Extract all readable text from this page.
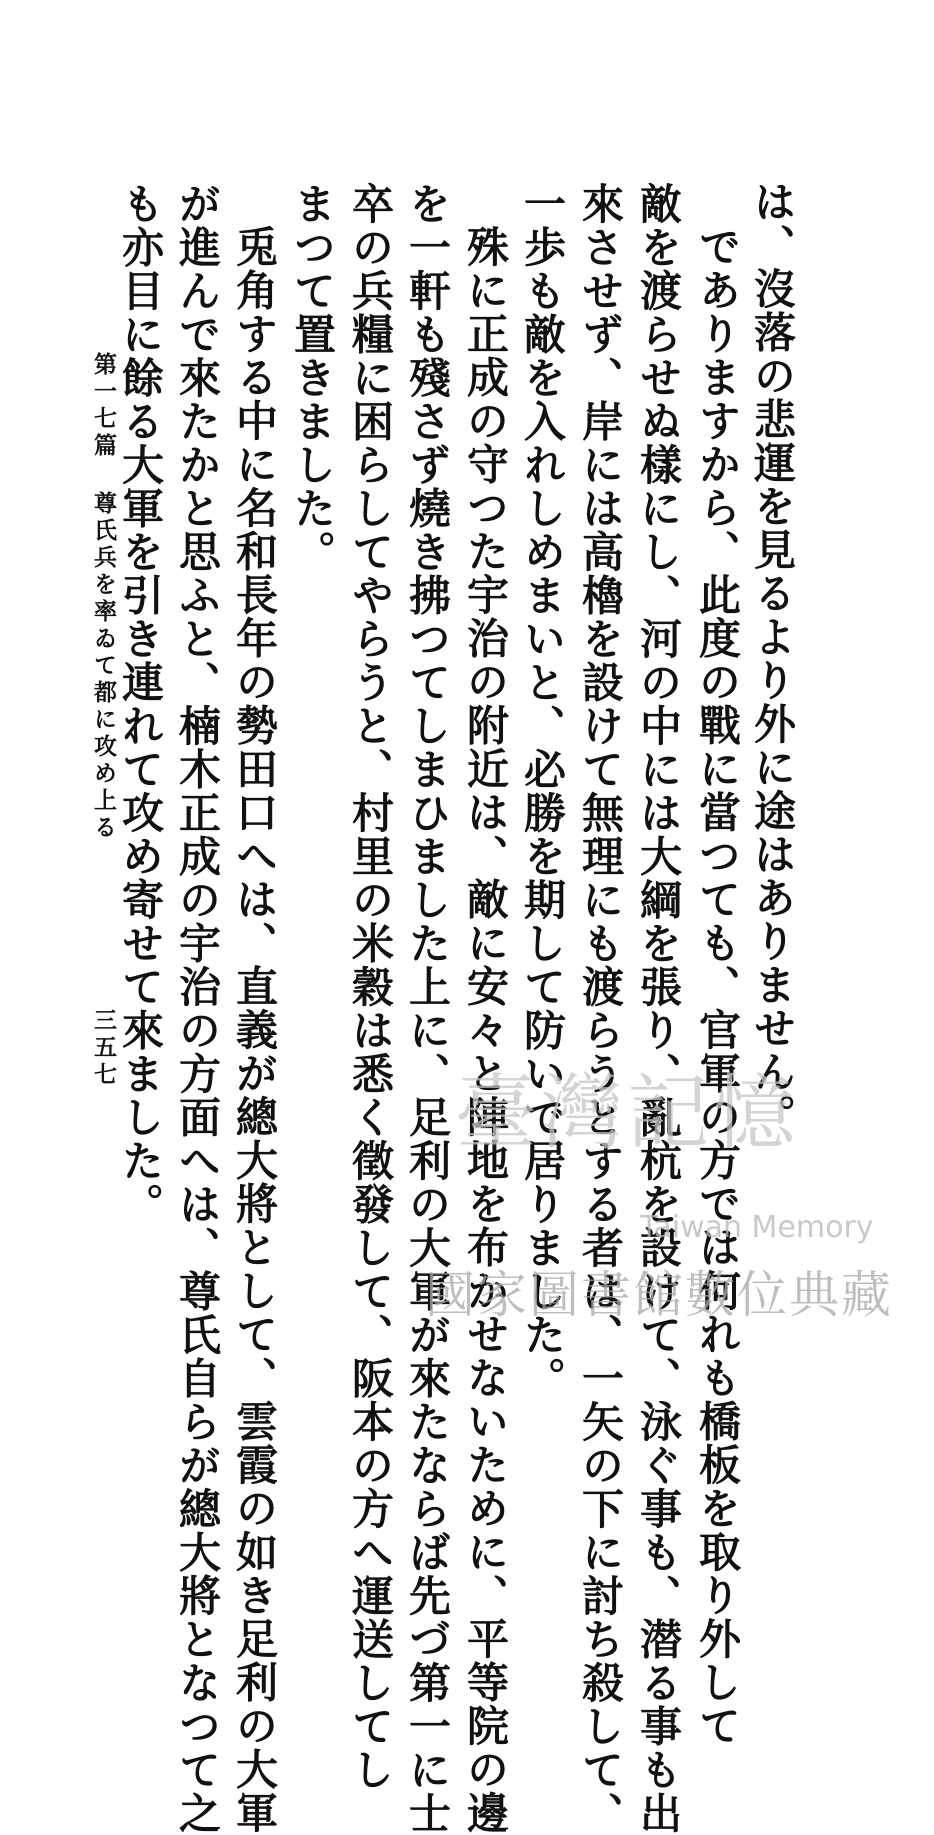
は、沒落の悲運を見るより外に途はありません。
でありますから、此度の戰に當つても、官軍の方では何れも橋板を取り外して
敵を渡らせぬ樣にし、河の中には大綱を張り、亂杭を設けて、泳ぐ事も、潜る事も出
來させず、岸には高櫓を設けて無理にも渡らうとする者は、一矢の下に討ち殺して、
一歩も敵を入れしめまいと、必勝を期して防いで居りました。
殊に正成の守つた宇治の附近は、敵に安々と陣地を布かせないために、平等院の邊
を一軒も殘さず燒き拂つてしまひました上に、足利の大軍が來たならば先づ第一に士
卒の兵糧に困らしてやらうと、村里の米穀は悉く徵發して、阪本の方へ運送してし
まつて置きました。
兎角する中に名和長年の勢田口へは、直義が總大將として、雲霞の如き足利の大軍
が進んで來たかと思ふと、楠木正成の宇治の方面へは、尊氏自らが總大將となつて之
も亦目に餘る大軍を引き連れて攻め寄せて來ました。
第一七篇 尊氏兵を率ゐて都に攻め上る
三五七
臺灣記憶
Taiwan Memory
國家圖書館數位典藏
